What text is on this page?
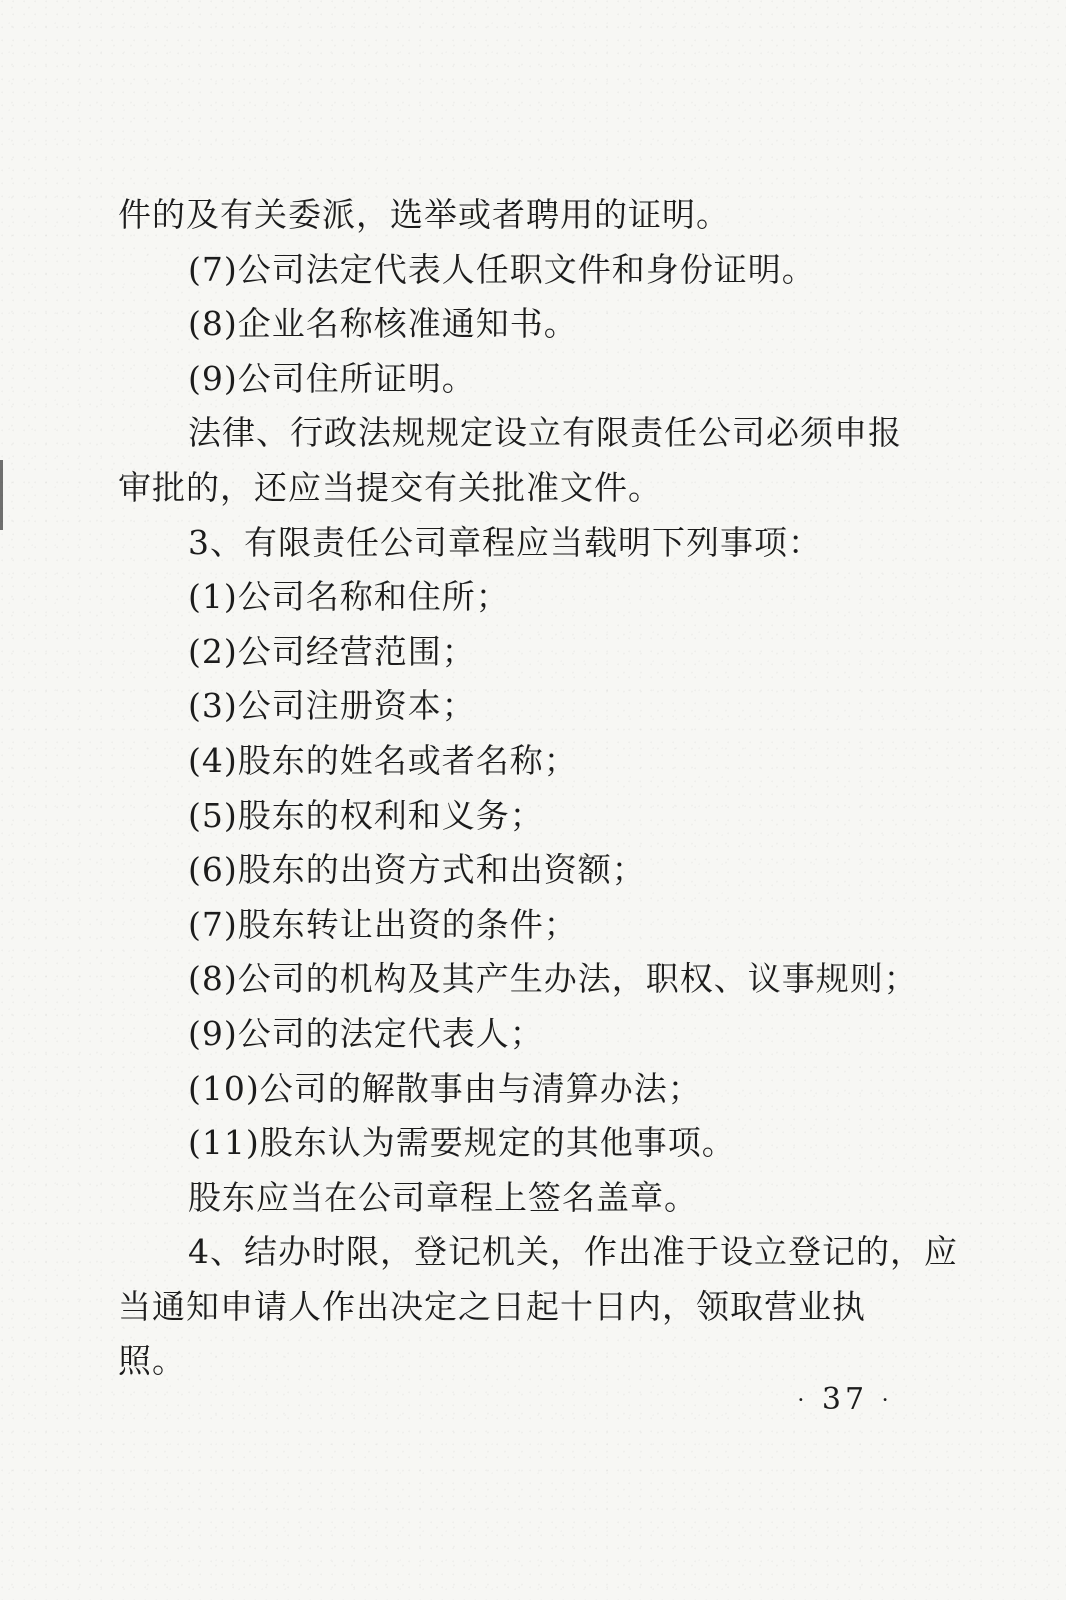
件的及有关委派，选举或者聘用的证明。
(7)公司法定代表人任职文件和身份证明。
(8)企业名称核准通知书。
(9)公司住所证明。
法律、行政法规规定设立有限责任公司必须申报
审批的，还应当提交有关批准文件。
3、有限责任公司章程应当载明下列事项：
(1)公司名称和住所；
(2)公司经营范围；
(3)公司注册资本；
(4)股东的姓名或者名称；
(5)股东的权利和义务；
(6)股东的出资方式和出资额；
(7)股东转让出资的条件；
(8)公司的机构及其产生办法，职权、议事规则；
(9)公司的法定代表人；
(10)公司的解散事由与清算办法；
(11)股东认为需要规定的其他事项。
股东应当在公司章程上签名盖章。
4、结办时限，登记机关，作出准于设立登记的，应
当通知申请人作出决定之日起十日内，领取营业执
照。
· 37 ·
